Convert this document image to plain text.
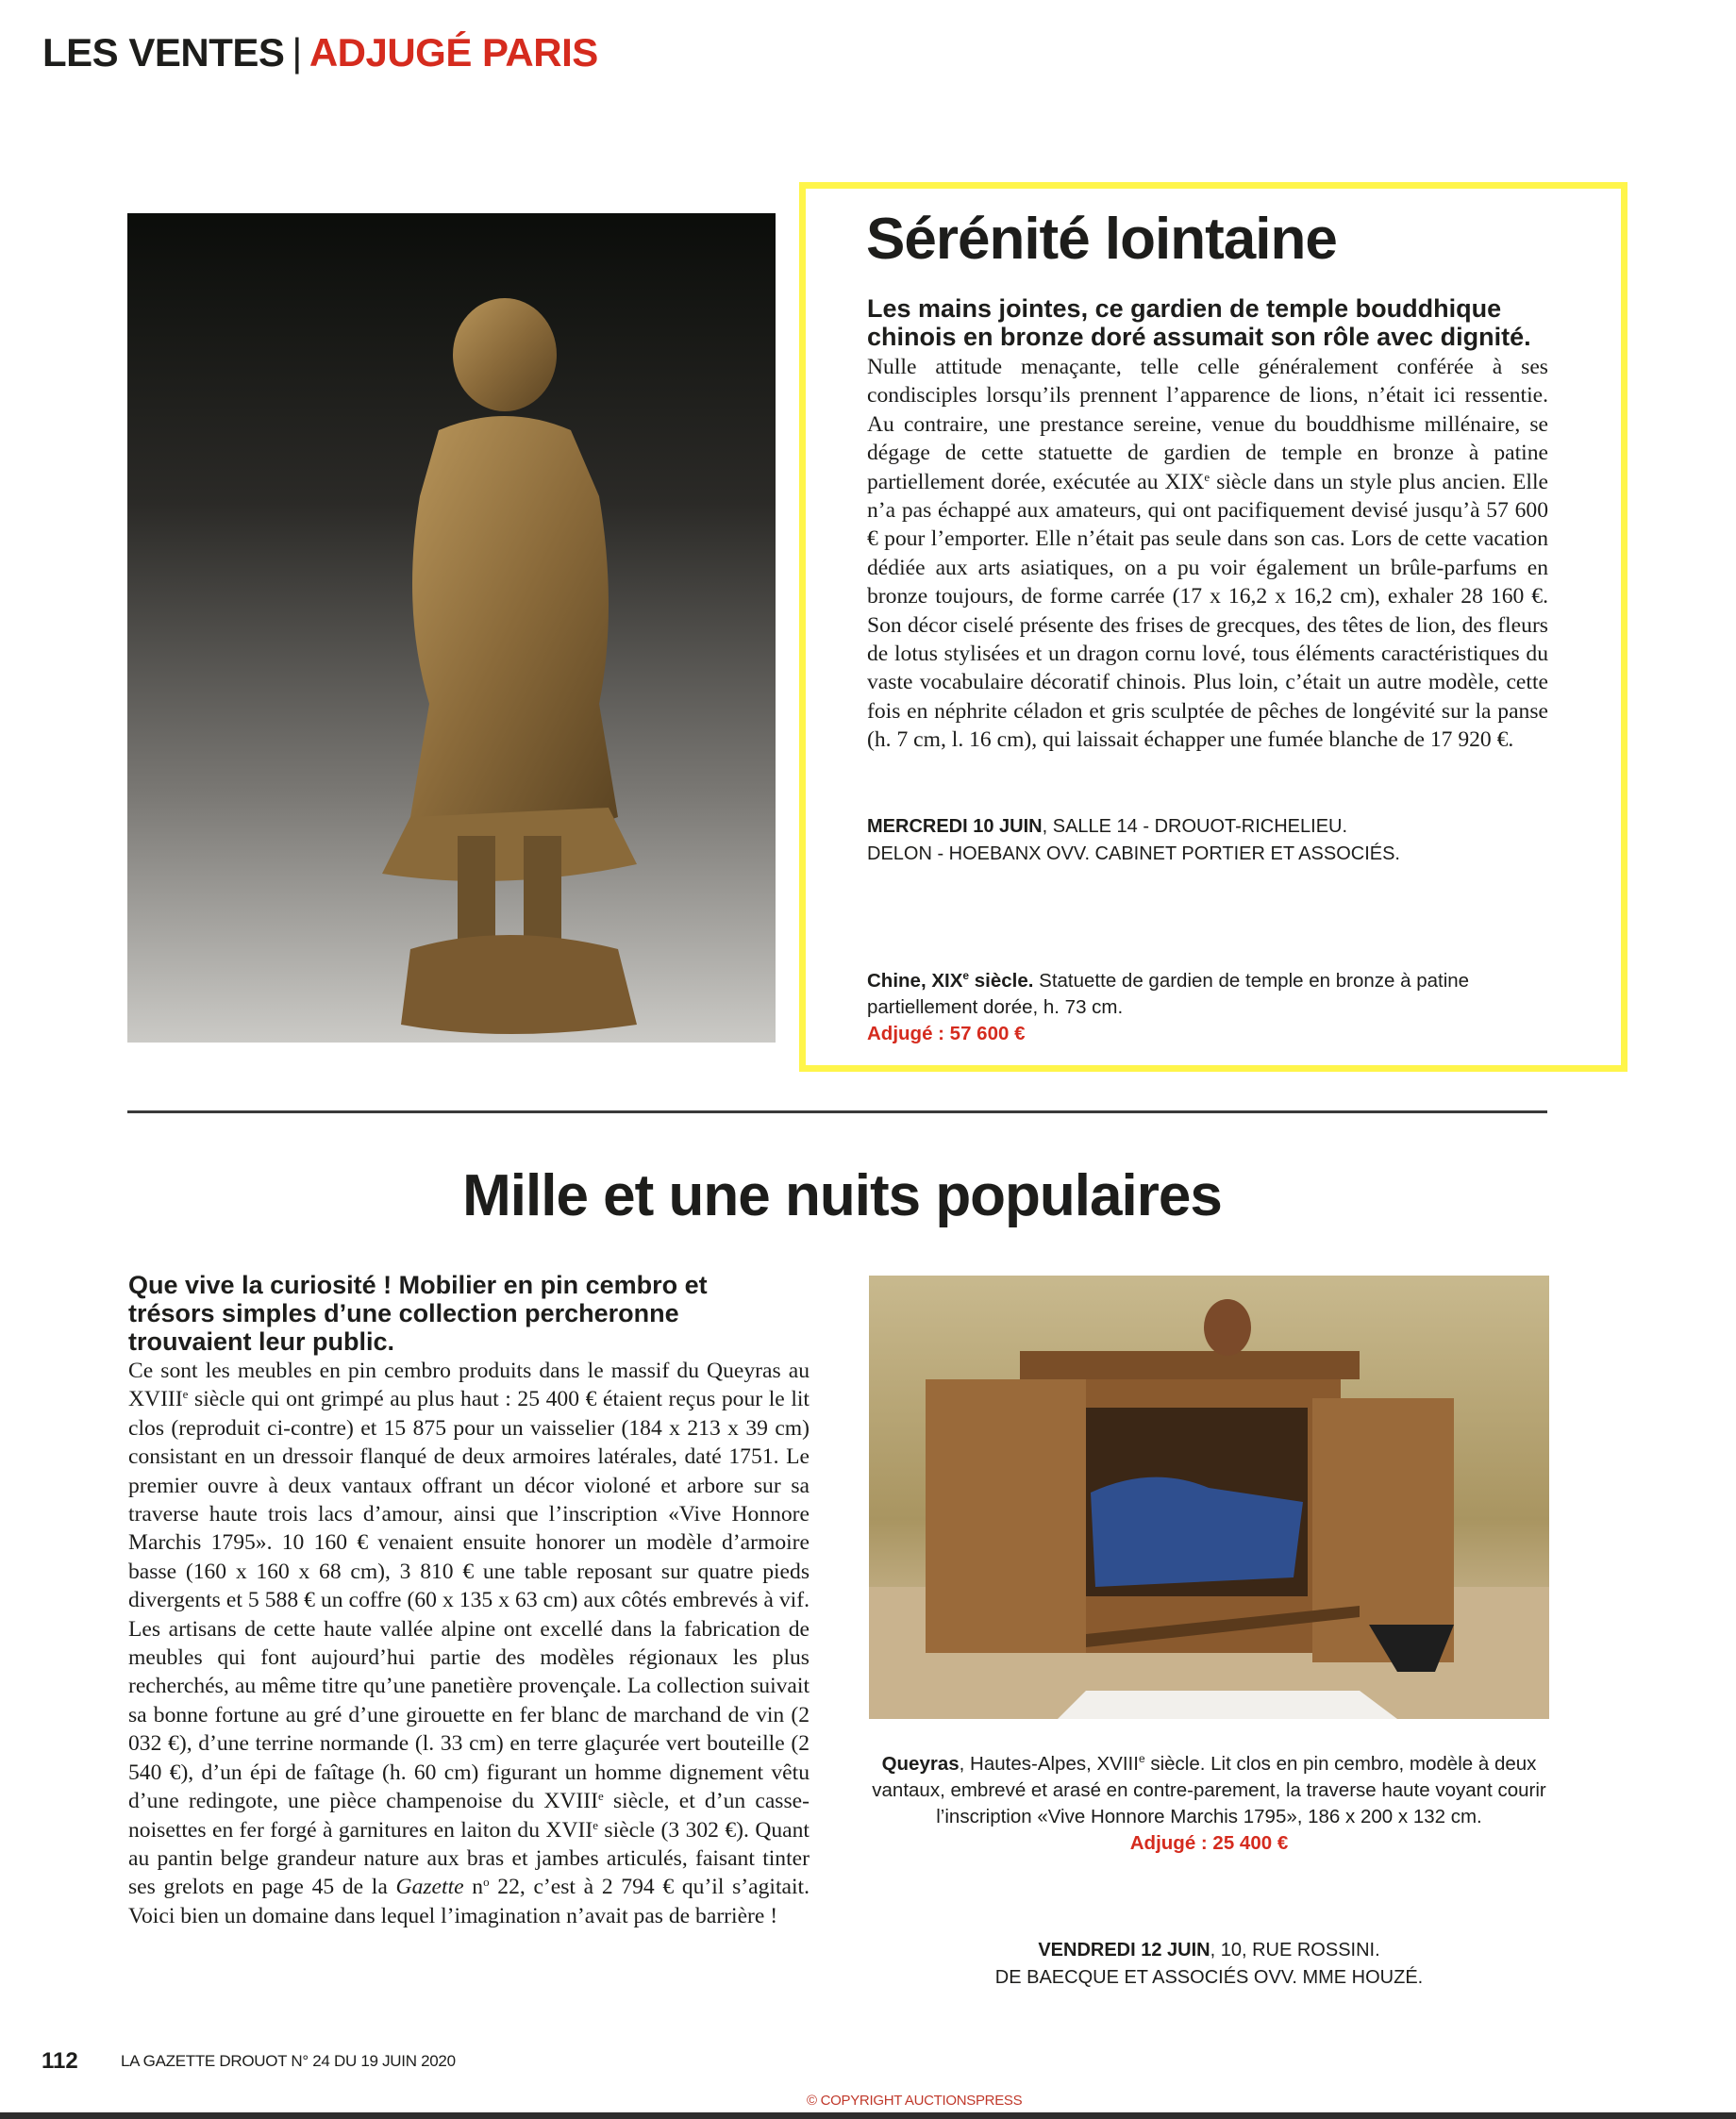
LES VENTES | ADJUGÉ PARIS
Sérénité lointaine
Les mains jointes, ce gardien de temple bouddhique chinois en bronze doré assumait son rôle avec dignité.
Nulle attitude menaçante, telle celle généralement conférée à ses condisciples lorsqu’ils prennent l’apparence de lions, n’était ici ressentie. Au contraire, une prestance sereine, venue du bouddhisme millénaire, se dégage de cette statuette de gardien de temple en bronze à patine partiellement dorée, exécutée au XIXe siècle dans un style plus ancien. Elle n’a pas échappé aux amateurs, qui ont pacifiquement devisé jusqu’à 57 600 € pour l’emporter. Elle n’était pas seule dans son cas. Lors de cette vacation dédiée aux arts asiatiques, on a pu voir également un brûle-parfums en bronze toujours, de forme carrée (17 x 16,2 x 16,2 cm), exhaler 28 160 €. Son décor ciselé présente des frises de grecques, des têtes de lion, des fleurs de lotus stylisées et un dragon cornu lové, tous éléments caractéristiques du vaste vocabulaire décoratif chinois. Plus loin, c’était un autre modèle, cette fois en néphrite céladon et gris sculptée de pêches de longévité sur la panse (h. 7 cm, l. 16 cm), qui laissait échapper une fumée blanche de 17 920 €.
MERCREDI 10 JUIN, SALLE 14 - DROUOT-RICHELIEU.
DELON - HOEBANX OVV. CABINET PORTIER ET ASSOCIÉS.
Chine, XIXe siècle. Statuette de gardien de temple en bronze à patine partiellement dorée, h. 73 cm.
Adjugé : 57 600 €
Mille et une nuits populaires
Que vive la curiosité ! Mobilier en pin cembro et trésors simples d’une collection percheronne trouvaient leur public.
Ce sont les meubles en pin cembro produits dans le massif du Queyras au XVIIIe siècle qui ont grimpé au plus haut : 25 400 € étaient reçus pour le lit clos (reproduit ci-contre) et 15 875 pour un vaisselier (184 x 213 x 39 cm) consistant en un dressoir flanqué de deux armoires latérales, daté 1751. Le premier ouvre à deux vantaux offrant un décor violoné et arbore sur sa traverse haute trois lacs d’amour, ainsi que l’inscription «Vive Honnore Marchis 1795». 10 160 € venaient ensuite honorer un modèle d’armoire basse (160 x 160 x 68 cm), 3 810 € une table reposant sur quatre pieds divergents et 5 588 € un coffre (60 x 135 x 63 cm) aux côtés embrevés à vif. Les artisans de cette haute vallée alpine ont excellé dans la fabrication de meubles qui font aujourd’hui partie des modèles régionaux les plus recherchés, au même titre qu’une panetière provençale. La collection suivait sa bonne fortune au gré d’une girouette en fer blanc de marchand de vin (2 032 €), d’une terrine normande (l. 33 cm) en terre glaçurée vert bouteille (2 540 €), d’un épi de faîtage (h. 60 cm) figurant un homme dignement vêtu d’une redingote, une pièce champenoise du XVIIIe siècle, et d’un casse-noisettes en fer forgé à garnitures en laiton du XVIIe siècle (3 302 €). Quant au pantin belge grandeur nature aux bras et jambes articulés, faisant tinter ses grelots en page 45 de la Gazette $n^o$ 22, c’est à 2 794 € qu’il s’agitait. Voici bien un domaine dans lequel l’imagination n’avait pas de barrière !
Queyras, Hautes-Alpes, XVIIIe siècle. Lit clos en pin cembro, modèle à deux vantaux, embrevé et arasé en contre-parement, la traverse haute voyant courir l’inscription «Vive Honnore Marchis 1795», 186 x 200 x 132 cm.
Adjugé : 25 400 €
VENDREDI 12 JUIN, 10, RUE ROSSINI.
DE BAECQUE ET ASSOCIÉS OVV. MME HOUZÉ.
112	LA GAZETTE DROUOT N° 24 DU 19 JUIN 2020
© COPYRIGHT AUCTIONSPRESS
